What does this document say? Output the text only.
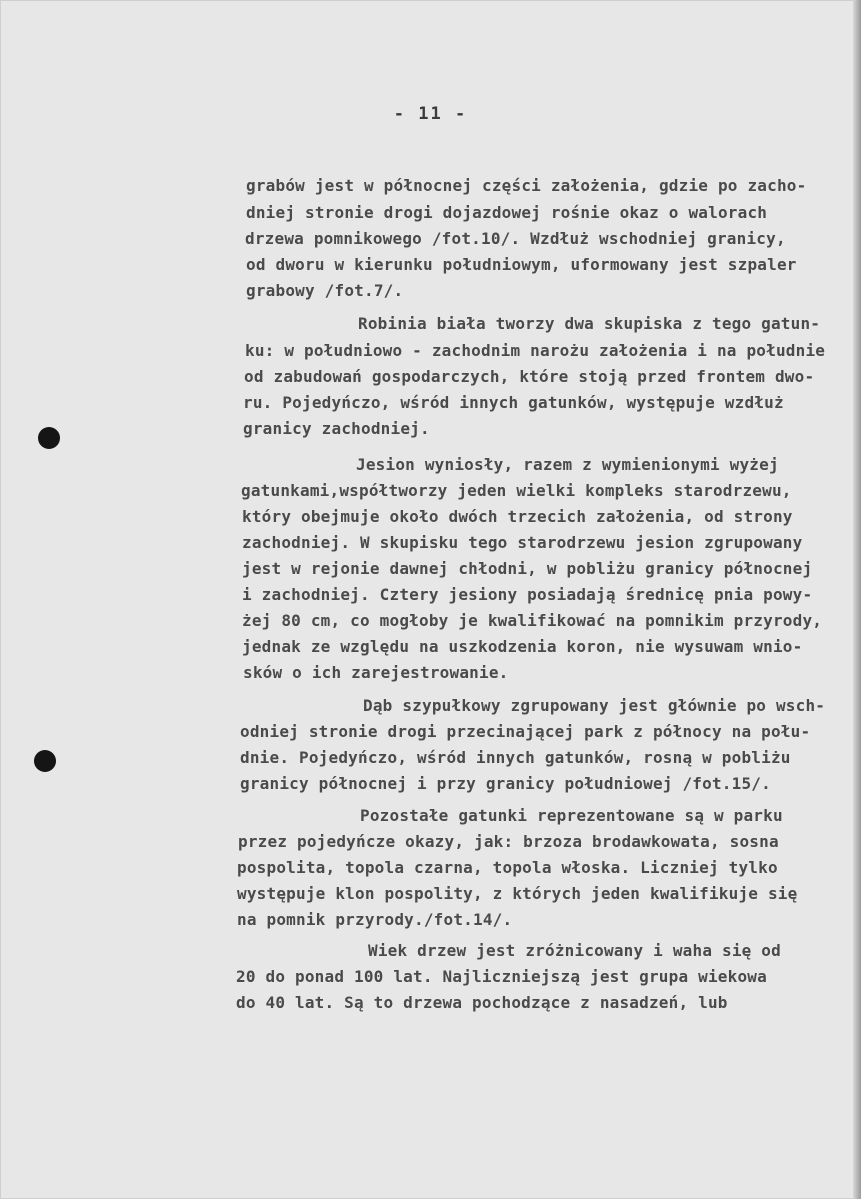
- 11 -
grabów jest w północnej części założenia, gdzie po zacho-
dniej stronie drogi dojazdowej rośnie okaz o walorach
drzewa pomnikowego /fot.10/. Wzdłuż wschodniej granicy,
od dworu w kierunku południowym, uformowany jest szpaler
grabowy /fot.7/.
Robinia biała tworzy dwa skupiska z tego gatun-
ku: w południowo - zachodnim narożu założenia i na południe
od zabudowań gospodarczych, które stoją przed frontem dwo-
ru. Pojedyńczo, wśród innych gatunków, występuje wzdłuż
granicy zachodniej.
Jesion wyniosły, razem z wymienionymi wyżej
gatunkami,współtworzy jeden wielki kompleks starodrzewu,
który obejmuje około dwóch trzecich założenia, od strony
zachodniej. W skupisku tego starodrzewu jesion zgrupowany
jest w rejonie dawnej chłodni, w pobliżu granicy północnej
i zachodniej. Cztery jesiony posiadają średnicę pnia powy-
żej 80 cm, co mogłoby je kwalifikować na pomnikim przyrody,
jednak ze względu na uszkodzenia koron, nie wysuwam wnio-
sków o ich zarejestrowanie.
Dąb szypułkowy zgrupowany jest głównie po wsch-
odniej stronie drogi przecinającej park z północy na połu-
dnie. Pojedyńczo, wśród innych gatunków, rosną w pobliżu
granicy północnej i przy granicy południowej /fot.15/.
Pozostałe gatunki reprezentowane są w parku
przez pojedyńcze okazy, jak: brzoza brodawkowata, sosna
pospolita, topola czarna, topola włoska. Liczniej tylko
występuje klon pospolity, z których jeden kwalifikuje się
na pomnik przyrody./fot.14/.
Wiek drzew jest zróżnicowany i waha się od
20 do ponad 100 lat. Najliczniejszą jest grupa wiekowa
do 40 lat. Są to drzewa pochodzące z nasadzeń, lub
